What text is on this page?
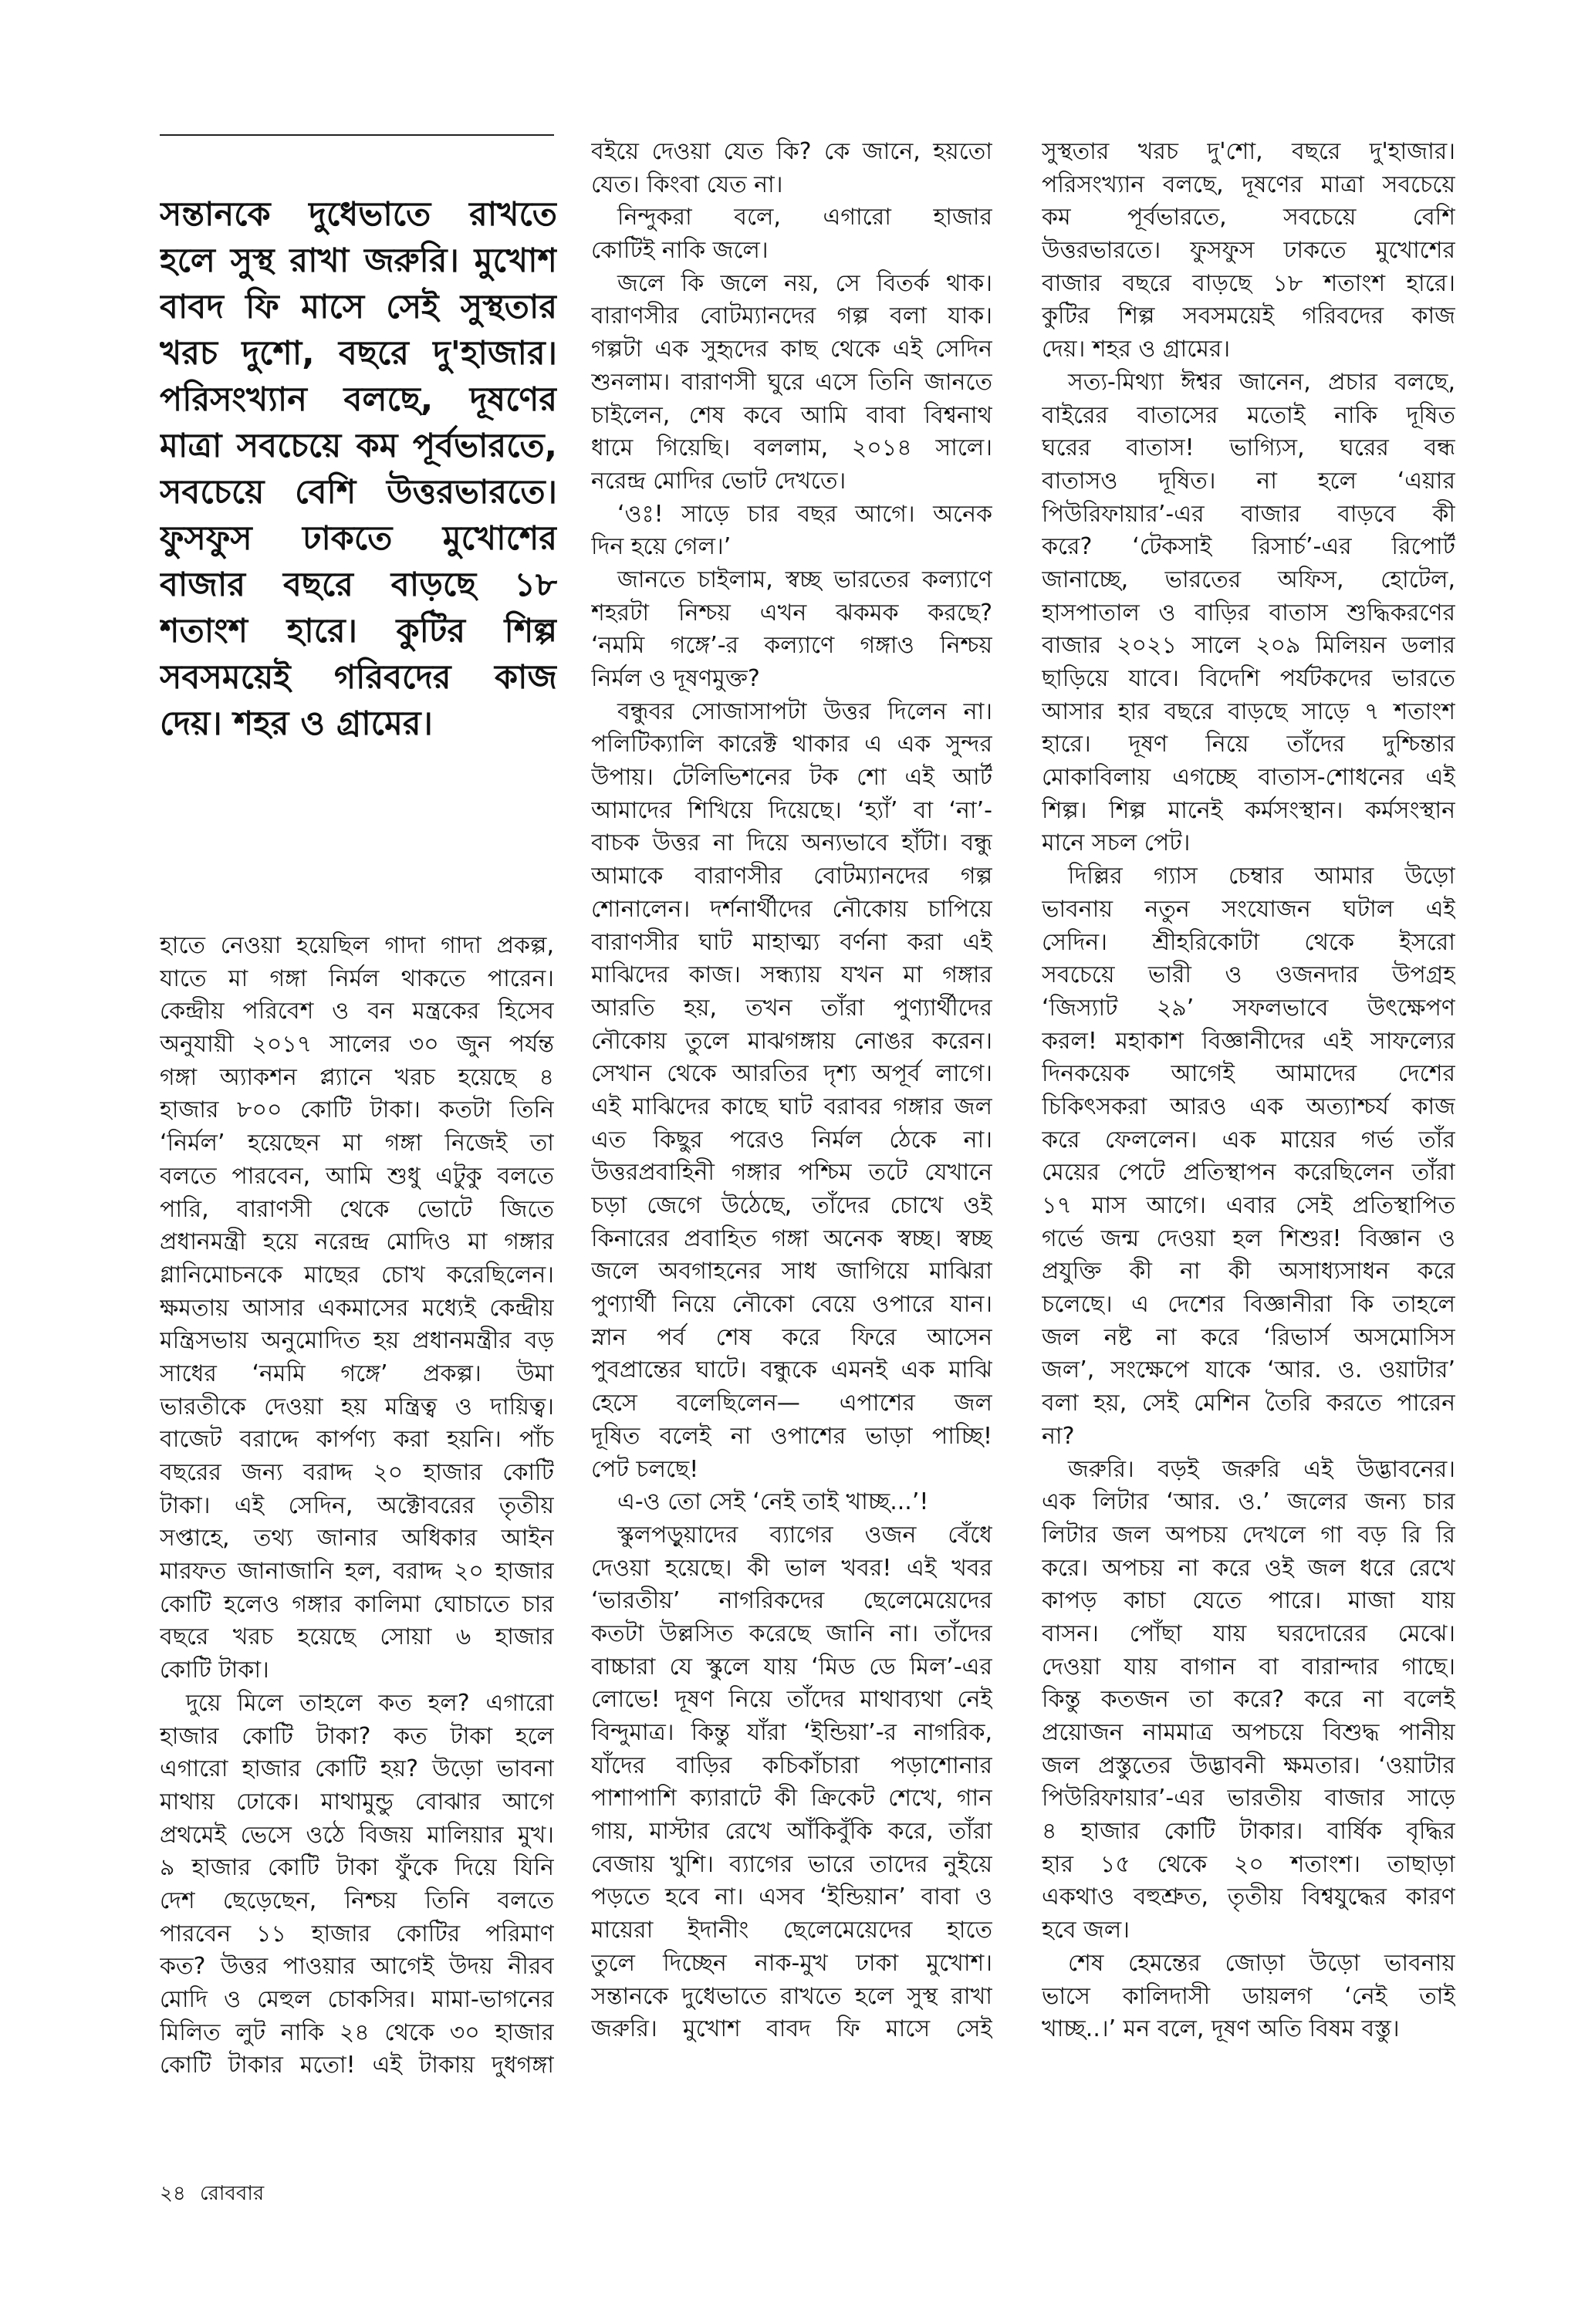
সন্তানকে দুধেভাতে রাখতে
হলে সুস্থ রাখা জরুরি। মুখোশ
বাবদ ফি মাসে সেই সুস্থতার
খরচ দুশো, বছরে দু'হাজার।
পরিসংখ্যান বলছে, দূষণের
মাত্রা সবচেয়ে কম পূর্বভারতে,
সবচেয়ে বেশি উত্তরভারতে।
ফুসফুস ঢাকতে মুখোশের
বাজার বছরে বাড়ছে ১৮
শতাংশ হারে। কুটির শিল্প
সবসময়েই গরিবদের কাজ
দেয়। শহর ও গ্রামের।
হাতে নেওয়া হয়েছিল গাদা গাদা প্রকল্প,
যাতে মা গঙ্গা নির্মল থাকতে পারেন।
কেন্দ্রীয় পরিবেশ ও বন মন্ত্রকের হিসেব
অনুযায়ী ২০১৭ সালের ৩০ জুন পর্যন্ত
গঙ্গা অ্যাকশন প্ল্যানে খরচ হয়েছে ৪
হাজার ৮০০ কোটি টাকা। কতটা তিনি
‘নির্মল’ হয়েছেন মা গঙ্গা নিজেই তা
বলতে পারবেন, আমি শুধু এটুকু বলতে
পারি, বারাণসী থেকে ভোটে জিতে
প্রধানমন্ত্রী হয়ে নরেন্দ্র মোদিও মা গঙ্গার
গ্লানিমোচনকে মাছের চোখ করেছিলেন।
ক্ষমতায় আসার একমাসের মধ্যেই কেন্দ্রীয়
মন্ত্রিসভায় অনুমোদিত হয় প্রধানমন্ত্রীর বড়
সাধের ‘নমমি গঙ্গে’ প্রকল্প। উমা
ভারতীকে দেওয়া হয় মন্ত্রিত্ব ও দায়িত্ব।
বাজেট বরাদ্দে কার্পণ্য করা হয়নি। পাঁচ
বছরের জন্য বরাদ্দ ২০ হাজার কোটি
টাকা। এই সেদিন, অক্টোবরের তৃতীয়
সপ্তাহে, তথ্য জানার অধিকার আইন
মারফত জানাজানি হল, বরাদ্দ ২০ হাজার
কোটি হলেও গঙ্গার কালিমা ঘোচাতে চার
বছরে খরচ হয়েছে সোয়া ৬ হাজার
কোটি টাকা।
দুয়ে মিলে তাহলে কত হল? এগারো
হাজার কোটি টাকা? কত টাকা হলে
এগারো হাজার কোটি হয়? উড়ো ভাবনা
মাথায় ঢোকে। মাথামুন্ডু বোঝার আগে
প্রথমেই ভেসে ওঠে বিজয় মালিয়ার মুখ।
৯ হাজার কোটি টাকা ফুঁকে দিয়ে যিনি
দেশ ছেড়েছেন, নিশ্চয় তিনি বলতে
পারবেন ১১ হাজার কোটির পরিমাণ
কত? উত্তর পাওয়ার আগেই উদয় নীরব
মোদি ও মেহুল চোকসির। মামা-ভাগনের
মিলিত লুট নাকি ২৪ থেকে ৩০ হাজার
কোটি টাকার মতো! এই টাকায় দুধগঙ্গা
বইয়ে দেওয়া যেত কি? কে জানে, হয়তো
যেত। কিংবা যেত না।
নিন্দুকরা বলে, এগারো হাজার
কোটিই নাকি জলে।
জলে কি জলে নয়, সে বিতর্ক থাক।
বারাণসীর বোটম্যানদের গল্প বলা যাক।
গল্পটা এক সুহৃদের কাছ থেকে এই সেদিন
শুনলাম। বারাণসী ঘুরে এসে তিনি জানতে
চাইলেন, শেষ কবে আমি বাবা বিশ্বনাথ
ধামে গিয়েছি। বললাম, ২০১৪ সালে।
নরেন্দ্র মোদির ভোট দেখতে।
‘ওঃ! সাড়ে চার বছর আগে। অনেক
দিন হয়ে গেল।’
জানতে চাইলাম, স্বচ্ছ ভারতের কল্যাণে
শহরটা নিশ্চয় এখন ঝকমক করছে?
‘নমমি গঙ্গে’-র কল্যাণে গঙ্গাও নিশ্চয়
নির্মল ও দূষণমুক্ত?
বন্ধুবর সোজাসাপটা উত্তর দিলেন না।
পলিটিক্যালি কারেক্ট থাকার এ এক সুন্দর
উপায়। টেলিভিশনের টক শো এই আর্ট
আমাদের শিখিয়ে দিয়েছে। ‘হ্যাঁ’ বা ‘না’-
বাচক উত্তর না দিয়ে অন্যভাবে হাঁটা। বন্ধু
আমাকে বারাণসীর বোটম্যানদের গল্প
শোনালেন। দর্শনার্থীদের নৌকোয় চাপিয়ে
বারাণসীর ঘাট মাহাত্ম্য বর্ণনা করা এই
মাঝিদের কাজ। সন্ধ্যায় যখন মা গঙ্গার
আরতি হয়, তখন তাঁরা পুণ্যার্থীদের
নৌকোয় তুলে মাঝগঙ্গায় নোঙর করেন।
সেখান থেকে আরতির দৃশ্য অপূর্ব লাগে।
এই মাঝিদের কাছে ঘাট বরাবর গঙ্গার জল
এত কিছুর পরেও নির্মল ঠেকে না।
উত্তরপ্রবাহিনী গঙ্গার পশ্চিম তটে যেখানে
চড়া জেগে উঠেছে, তাঁদের চোখে ওই
কিনারের প্রবাহিত গঙ্গা অনেক স্বচ্ছ। স্বচ্ছ
জলে অবগাহনের সাধ জাগিয়ে মাঝিরা
পুণ্যার্থী নিয়ে নৌকো বেয়ে ওপারে যান।
স্নান পর্ব শেষ করে ফিরে আসেন
পুবপ্রান্তের ঘাটে। বন্ধুকে এমনই এক মাঝি
হেসে বলেছিলেন— এপাশের জল
দূষিত বলেই না ওপাশের ভাড়া পাচ্ছি!
পেট চলছে!
এ-ও তো সেই ‘নেই তাই খাচ্ছ...’!
স্কুলপড়ুয়াদের ব্যাগের ওজন বেঁধে
দেওয়া হয়েছে। কী ভাল খবর! এই খবর
‘ভারতীয়’ নাগরিকদের ছেলেমেয়েদের
কতটা উল্লসিত করেছে জানি না। তাঁদের
বাচ্চারা যে স্কুলে যায় ‘মিড ডে মিল’-এর
লোভে! দূষণ নিয়ে তাঁদের মাথাব্যথা নেই
বিন্দুমাত্র। কিন্তু যাঁরা ‘ইন্ডিয়া’-র নাগরিক,
যাঁদের বাড়ির কচিকাঁচারা পড়াশোনার
পাশাপাশি ক্যারাটে কী ক্রিকেট শেখে, গান
গায়, মাস্টার রেখে আঁকিবুঁকি করে, তাঁরা
বেজায় খুশি। ব্যাগের ভারে তাদের নুইয়ে
পড়তে হবে না। এসব ‘ইন্ডিয়ান’ বাবা ও
মায়েরা ইদানীং ছেলেমেয়েদের হাতে
তুলে দিচ্ছেন নাক-মুখ ঢাকা মুখোশ।
সন্তানকে দুধেভাতে রাখতে হলে সুস্থ রাখা
জরুরি। মুখোশ বাবদ ফি মাসে সেই
সুস্থতার খরচ দু'শো, বছরে দু'হাজার।
পরিসংখ্যান বলছে, দূষণের মাত্রা সবচেয়ে
কম পূর্বভারতে, সবচেয়ে বেশি
উত্তরভারতে। ফুসফুস ঢাকতে মুখোশের
বাজার বছরে বাড়ছে ১৮ শতাংশ হারে।
কুটির শিল্প সবসময়েই গরিবদের কাজ
দেয়। শহর ও গ্রামের।
সত্য-মিথ্যা ঈশ্বর জানেন, প্রচার বলছে,
বাইরের বাতাসের মতোই নাকি দূষিত
ঘরের বাতাস! ভাগ্যিস, ঘরের বন্ধ
বাতাসও দূষিত। না হলে ‘এয়ার
পিউরিফায়ার’-এর বাজার বাড়বে কী
করে? ‘টেকসাই রিসার্চ’-এর রিপোর্ট
জানাচ্ছে, ভারতের অফিস, হোটেল,
হাসপাতাল ও বাড়ির বাতাস শুদ্ধিকরণের
বাজার ২০২১ সালে ২০৯ মিলিয়ন ডলার
ছাড়িয়ে যাবে। বিদেশি পর্যটকদের ভারতে
আসার হার বছরে বাড়ছে সাড়ে ৭ শতাংশ
হারে। দূষণ নিয়ে তাঁদের দুশ্চিন্তার
মোকাবিলায় এগচ্ছে বাতাস-শোধনের এই
শিল্প। শিল্প মানেই কর্মসংস্থান। কর্মসংস্থান
মানে সচল পেট।
দিল্লির গ্যাস চেম্বার আমার উড়ো
ভাবনায় নতুন সংযোজন ঘটাল এই
সেদিন। শ্রীহরিকোটা থেকে ইসরো
সবচেয়ে ভারী ও ওজনদার উপগ্রহ
‘জিস্যাট ২৯’ সফলভাবে উৎক্ষেপণ
করল! মহাকাশ বিজ্ঞানীদের এই সাফল্যের
দিনকয়েক আগেই আমাদের দেশের
চিকিৎসকরা আরও এক অত্যাশ্চর্য কাজ
করে ফেললেন। এক মায়ের গর্ভ তাঁর
মেয়ের পেটে প্রতিস্থাপন করেছিলেন তাঁরা
১৭ মাস আগে। এবার সেই প্রতিস্থাপিত
গর্ভে জন্ম দেওয়া হল শিশুর! বিজ্ঞান ও
প্রযুক্তি কী না কী অসাধ্যসাধন করে
চলেছে। এ দেশের বিজ্ঞানীরা কি তাহলে
জল নষ্ট না করে ‘রিভার্স অসমোসিস
জল’, সংক্ষেপে যাকে ‘আর. ও. ওয়াটার’
বলা হয়, সেই মেশিন তৈরি করতে পারেন
না?
জরুরি। বড়ই জরুরি এই উদ্ভাবনের।
এক লিটার ‘আর. ও.’ জলের জন্য চার
লিটার জল অপচয় দেখলে গা বড় রি রি
করে। অপচয় না করে ওই জল ধরে রেখে
কাপড় কাচা যেতে পারে। মাজা যায়
বাসন। পোঁছা যায় ঘরদোরের মেঝে।
দেওয়া যায় বাগান বা বারান্দার গাছে।
কিন্তু কতজন তা করে? করে না বলেই
প্রয়োজন নামমাত্র অপচয়ে বিশুদ্ধ পানীয়
জল প্রস্তুতের উদ্ভাবনী ক্ষমতার। ‘ওয়াটার
পিউরিফায়ার’-এর ভারতীয় বাজার সাড়ে
৪ হাজার কোটি টাকার। বার্ষিক বৃদ্ধির
হার ১৫ থেকে ২০ শতাংশ। তাছাড়া
একথাও বহুশ্রুত, তৃতীয় বিশ্বযুদ্ধের কারণ
হবে জল।
শেষ হেমন্তের জোড়া উড়ো ভাবনায়
ভাসে কালিদাসী ডায়লগ ‘নেই তাই
খাচ্ছ..।’ মন বলে, দূষণ অতি বিষম বস্তু।
২৪ রোববার
